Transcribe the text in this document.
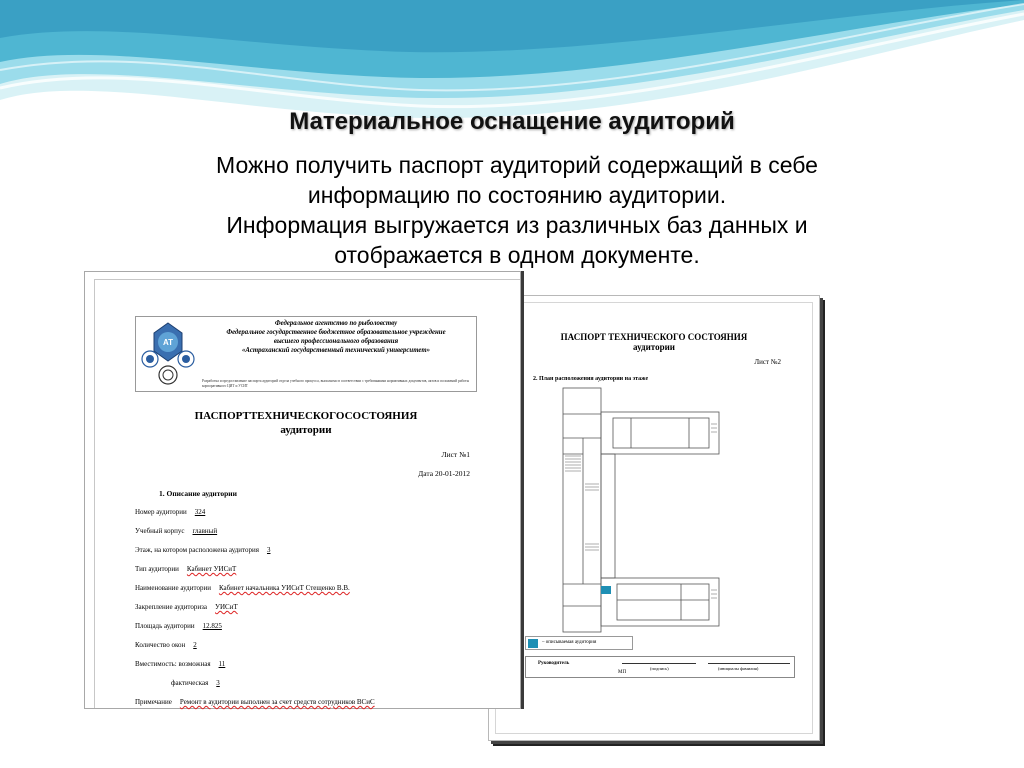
Материальное оснащение аудиторий

Можно получить паспорт аудиторий содержащий в себе

информацию по состоянию аудитории.

Информация выгружается из различных баз данных и

отображается в одном документе.

ПАСПОРТ ТЕХНИЧЕСКОГО СОСТОЯНИЯ
аудитории
Лист №2
2. План расположения аудитории на этаже
– описываемая аудитория
Руководитель
(подпись)	(инициалы фамилия)
МП
AT
Федеральное агентство по рыболовству
Федеральное государственное бюджетное образовательное учреждение
высшего профессионального образования
«Астраханский государственный технический университет»
Разработка и предоставление паспорта аудиторий отдела учебного процесса, выполнено в соответствии с требованиями нормативных документов, актов и положений работы корпоративного ЦИТ и УСИТ
ПАСПОРТТЕХНИЧЕСКОГОСОСТОЯНИЯ
аудитории
Лист №1
Дата 20-01-2012
1. Описание аудитории
Номер аудитории 324
Учебный корпус главный
Этаж, на котором расположена аудитория 3
Тип аудитории Кабинет УИСиТ
Наименование аудитории Кабинет начальника УИСиТ Стещенко В.В.
Закрепление аудиториза УИСиТ
Площадь аудитории 12.825
Количество окон 2
Вместимость: возможная 11
фактическая 3
Примечание Ремонт в аудитории выполнен за счет средств сотрудников ВСиС
